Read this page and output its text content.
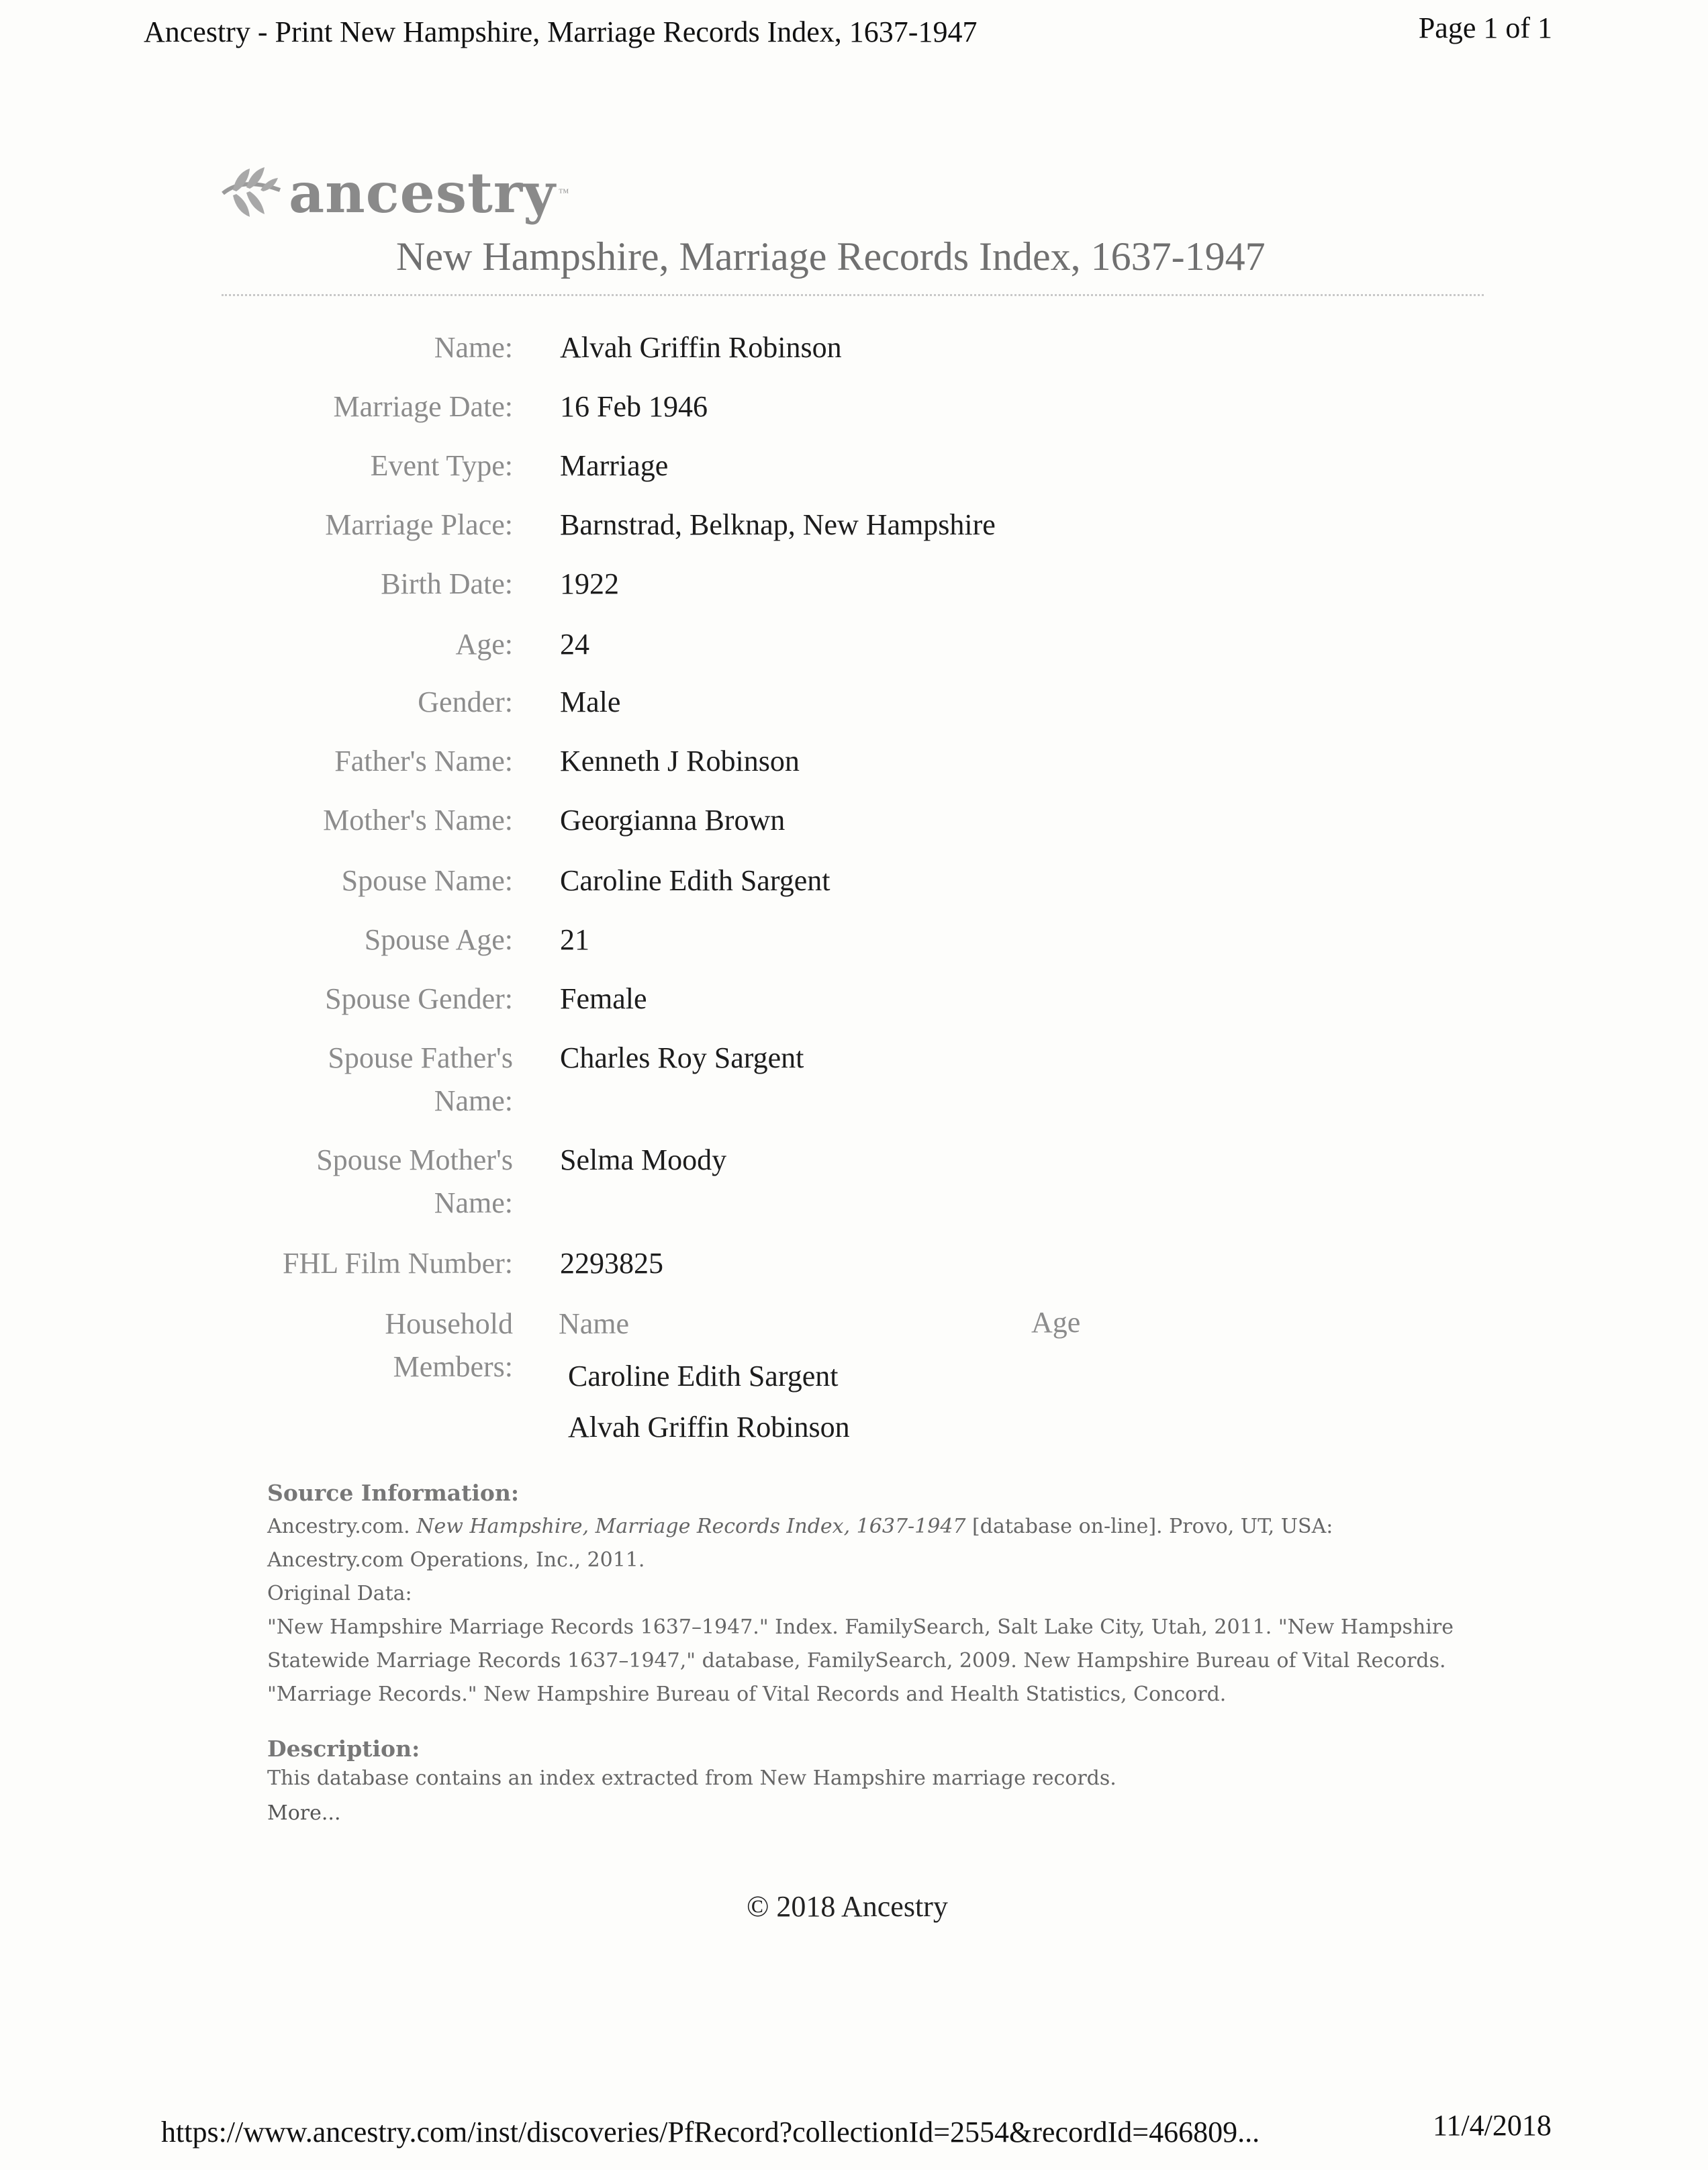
Ancestry - Print New Hampshire, Marriage Records Index, 1637-1947	Page 1 of 1
ancestry ™
New Hampshire, Marriage Records Index, 1637-1947
Name: Alvah Griffin Robinson
Marriage Date: 16 Feb 1946
Event Type: Marriage
Marriage Place: Barnstrad, Belknap, New Hampshire
Birth Date: 1922
Age: 24
Gender: Male
Father's Name: Kenneth J Robinson
Mother's Name: Georgianna Brown
Spouse Name: Caroline Edith Sargent
Spouse Age: 21
Spouse Gender: Female
Spouse Father's
Name:
Charles Roy Sargent
Spouse Mother's
Name:
Selma Moody
FHL Film Number: 2293825
Household
Members:
Name	Age
Caroline Edith Sargent
Alvah Griffin Robinson
Source Information:
Ancestry.com. New Hampshire, Marriage Records Index, 1637-1947 [database on-line]. Provo, UT, USA:
Ancestry.com Operations, Inc., 2011.
Original Data:
"New Hampshire Marriage Records 1637–1947." Index. FamilySearch, Salt Lake City, Utah, 2011. "New Hampshire
Statewide Marriage Records 1637–1947," database, FamilySearch, 2009. New Hampshire Bureau of Vital Records.
"Marriage Records." New Hampshire Bureau of Vital Records and Health Statistics, Concord.
Description:
This database contains an index extracted from New Hampshire marriage records.
More...
© 2018 Ancestry
https://www.ancestry.com/inst/discoveries/PfRecord?collectionId=2554&recordId=466809...	11/4/2018
